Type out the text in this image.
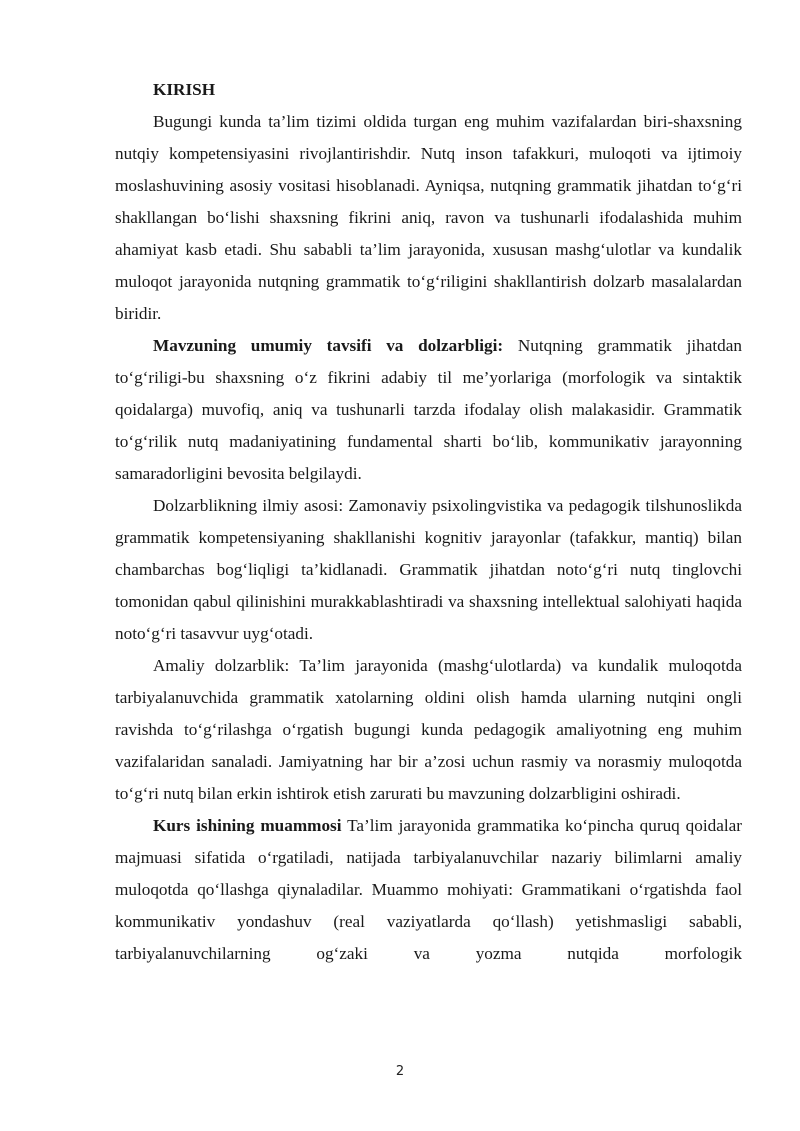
KIRISH

Bugungi kunda ta’lim tizimi oldida turgan eng muhim vazifalardan biri-shaxsning nutqiy kompetensiyasini rivojlantirishdir. Nutq inson tafakkuri, muloqoti va ijtimoiy moslashuvining asosiy vositasi hisoblanadi. Ayniqsa, nutqning grammatik jihatdan to‘g‘ri shakllangan bo‘lishi shaxsning fikrini aniq, ravon va tushunarli ifodalashida muhim ahamiyat kasb etadi. Shu sababli ta’lim jarayonida, xususan mashg‘ulotlar va kundalik muloqot jarayonida nutqning grammatik to‘g‘riligini shakllantirish dolzarb masalalardan biridir.

Mavzuning umumiy tavsifi va dolzarbligi: Nutqning grammatik jihatdan to‘g‘riligi-bu shaxsning o‘z fikrini adabiy til me’yorlariga (morfologik va sintaktik qoidalarga) muvofiq, aniq va tushunarli tarzda ifodalay olish malakasidir. Grammatik to‘g‘rilik nutq madaniyatining fundamental sharti bo‘lib, kommunikativ jarayonning samaradorligini bevosita belgilaydi.

Dolzarblikning ilmiy asosi: Zamonaviy psixolingvistika va pedagogik tilshunoslikda grammatik kompetensiyaning shakllanishi kognitiv jarayonlar (tafakkur, mantiq) bilan chambarchas bog‘liqligi ta’kidlanadi. Grammatik jihatdan noto‘g‘ri nutq tinglovchi tomonidan qabul qilinishini murakkablashtiradi va shaxsning intellektual salohiyati haqida noto‘g‘ri tasavvur uyg‘otadi.

Amaliy dolzarblik: Ta’lim jarayonida (mashg‘ulotlarda) va kundalik muloqotda tarbiyalanuvchida grammatik xatolarning oldini olish hamda ularning nutqini ongli ravishda to‘g‘rilashga o‘rgatish bugungi kunda pedagogik amaliyotning eng muhim vazifalaridan sanaladi. Jamiyatning har bir a’zosi uchun rasmiy va norasmiy muloqotda to‘g‘ri nutq bilan erkin ishtirok etish zarurati bu mavzuning dolzarbligini oshiradi.

Kurs ishining muammosi Ta’lim jarayonida grammatika ko‘pincha quruq qoidalar majmuasi sifatida o‘rgatiladi, natijada tarbiyalanuvchilar nazariy bilimlarni amaliy muloqotda qo‘llashga qiynaladilar. Muammo mohiyati: Grammatikani o‘rgatishda faol kommunikativ yondashuv (real vaziyatlarda qo‘llash) yetishmasligi sababli, tarbiyalanuvchilarning og‘zaki va yozma nutqida morfologik

2
